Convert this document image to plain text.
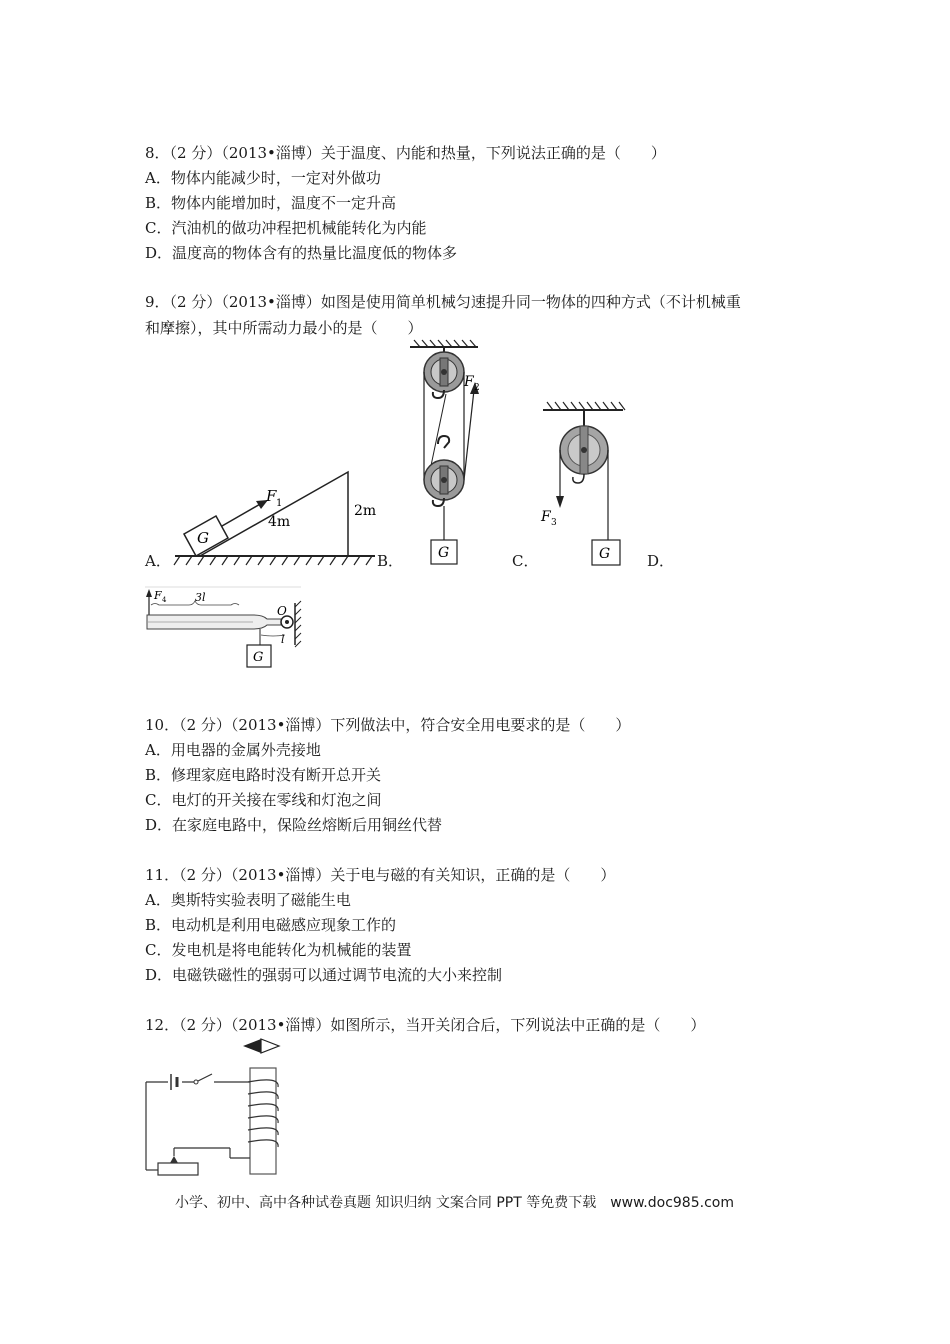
8．（2 分）（2013•淄博）关于温度、内能和热量，下列说法正确的是（　　）
A．物体内能减少时，一定对外做功
B．物体内能增加时，温度不一定升高
C．汽油机的做功冲程把机械能转化为内能
D．温度高的物体含有的热量比温度低的物体多
9．（2 分）（2013•淄博）如图是使用简单机械匀速提升同一物体的四种方式（不计机械重
和摩擦），其中所需动力最小的是（　　）
G
F 1
4m
2m
A．
F 2
G
B．
F 3
G
C．	D．
F 4	3l
O
l
G
10．（2 分）（2013•淄博）下列做法中，符合安全用电要求的是（　　）
A．用电器的金属外壳接地
B．修理家庭电路时没有断开总开关
C．电灯的开关接在零线和灯泡之间
D．在家庭电路中，保险丝熔断后用铜丝代替
11．（2 分）（2013•淄博）关于电与磁的有关知识，正确的是（　　）
A．奥斯特实验表明了磁能生电
B．电动机是利用电磁感应现象工作的
C．发电机是将电能转化为机械能的装置
D．电磁铁磁性的强弱可以通过调节电流的大小来控制
12．（2 分）（2013•淄博）如图所示，当开关闭合后，下列说法中正确的是（　　）
小学、初中、高中各种试卷真题 知识归纳 文案合同 PPT 等免费下载　www.doc985.com
